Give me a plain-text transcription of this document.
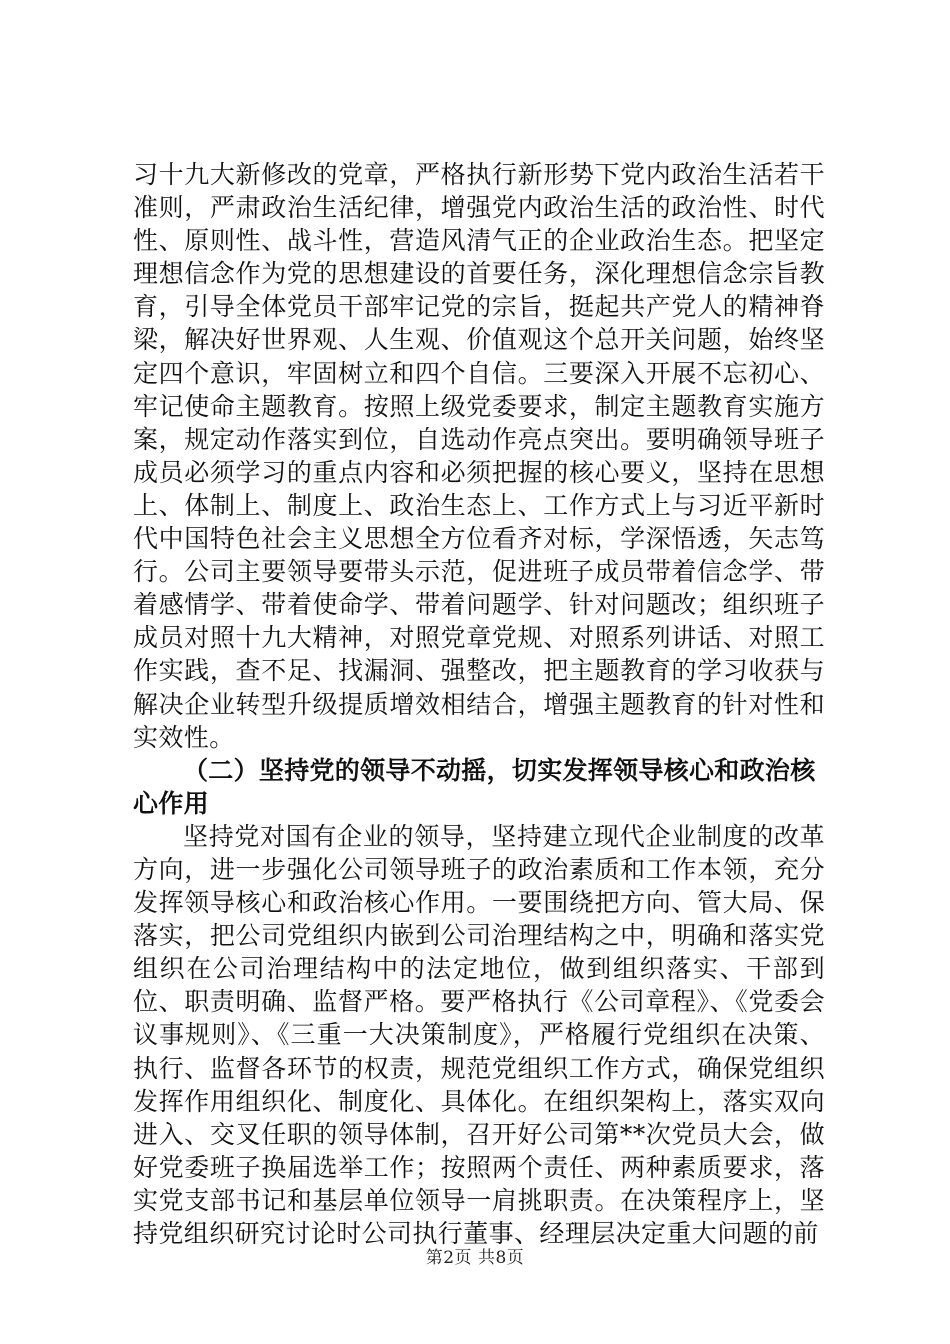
习十九大新修改的党章，严格执行新形势下党内政治生活若干准则，严肃政治生活纪律，增强党内政治生活的政治性、时代性、原则性、战斗性，营造风清气正的企业政治生态。把坚定理想信念作为党的思想建设的首要任务，深化理想信念宗旨教育，引导全体党员干部牢记党的宗旨，挺起共产党人的精神脊梁，解决好世界观、人生观、价值观这个总开关问题，始终坚定四个意识，牢固树立和四个自信。三要深入开展不忘初心、牢记使命主题教育。按照上级党委要求，制定主题教育实施方案，规定动作落实到位，自选动作亮点突出。要明确领导班子成员必须学习的重点内容和必须把握的核心要义，坚持在思想上、体制上、制度上、政治生态上、工作方式上与习近平新时代中国特色社会主义思想全方位看齐对标，学深悟透，矢志笃行。公司主要领导要带头示范，促进班子成员带着信念学、带着感情学、带着使命学、带着问题学、针对问题改；组织班子成员对照十九大精神，对照党章党规、对照系列讲话、对照工作实践，查不足、找漏洞、强整改，把主题教育的学习收获与解决企业转型升级提质增效相结合，增强主题教育的针对性和实效性。

（二）坚持党的领导不动摇，切实发挥领导核心和政治核心作用

坚持党对国有企业的领导，坚持建立现代企业制度的改革方向，进一步强化公司领导班子的政治素质和工作本领，充分发挥领导核心和政治核心作用。一要围绕把方向、管大局、保落实，把公司党组织内嵌到公司治理结构之中，明确和落实党组织在公司治理结构中的法定地位，做到组织落实、干部到位、职责明确、监督严格。要严格执行《公司章程》、《党委会议事规则》、《三重一大决策制度》，严格履行党组织在决策、执行、监督各环节的权责，规范党组织工作方式，确保党组织发挥作用组织化、制度化、具体化。在组织架构上，落实双向进入、交叉任职的领导体制，召开好公司第**次党员大会，做好党委班子换届选举工作；按照两个责任、两种素质要求，落实党支部书记和基层单位领导一肩挑职责。在决策程序上，坚持党组织研究讨论时公司执行董事、经理层决定重大问题的前

第2页 共8页
